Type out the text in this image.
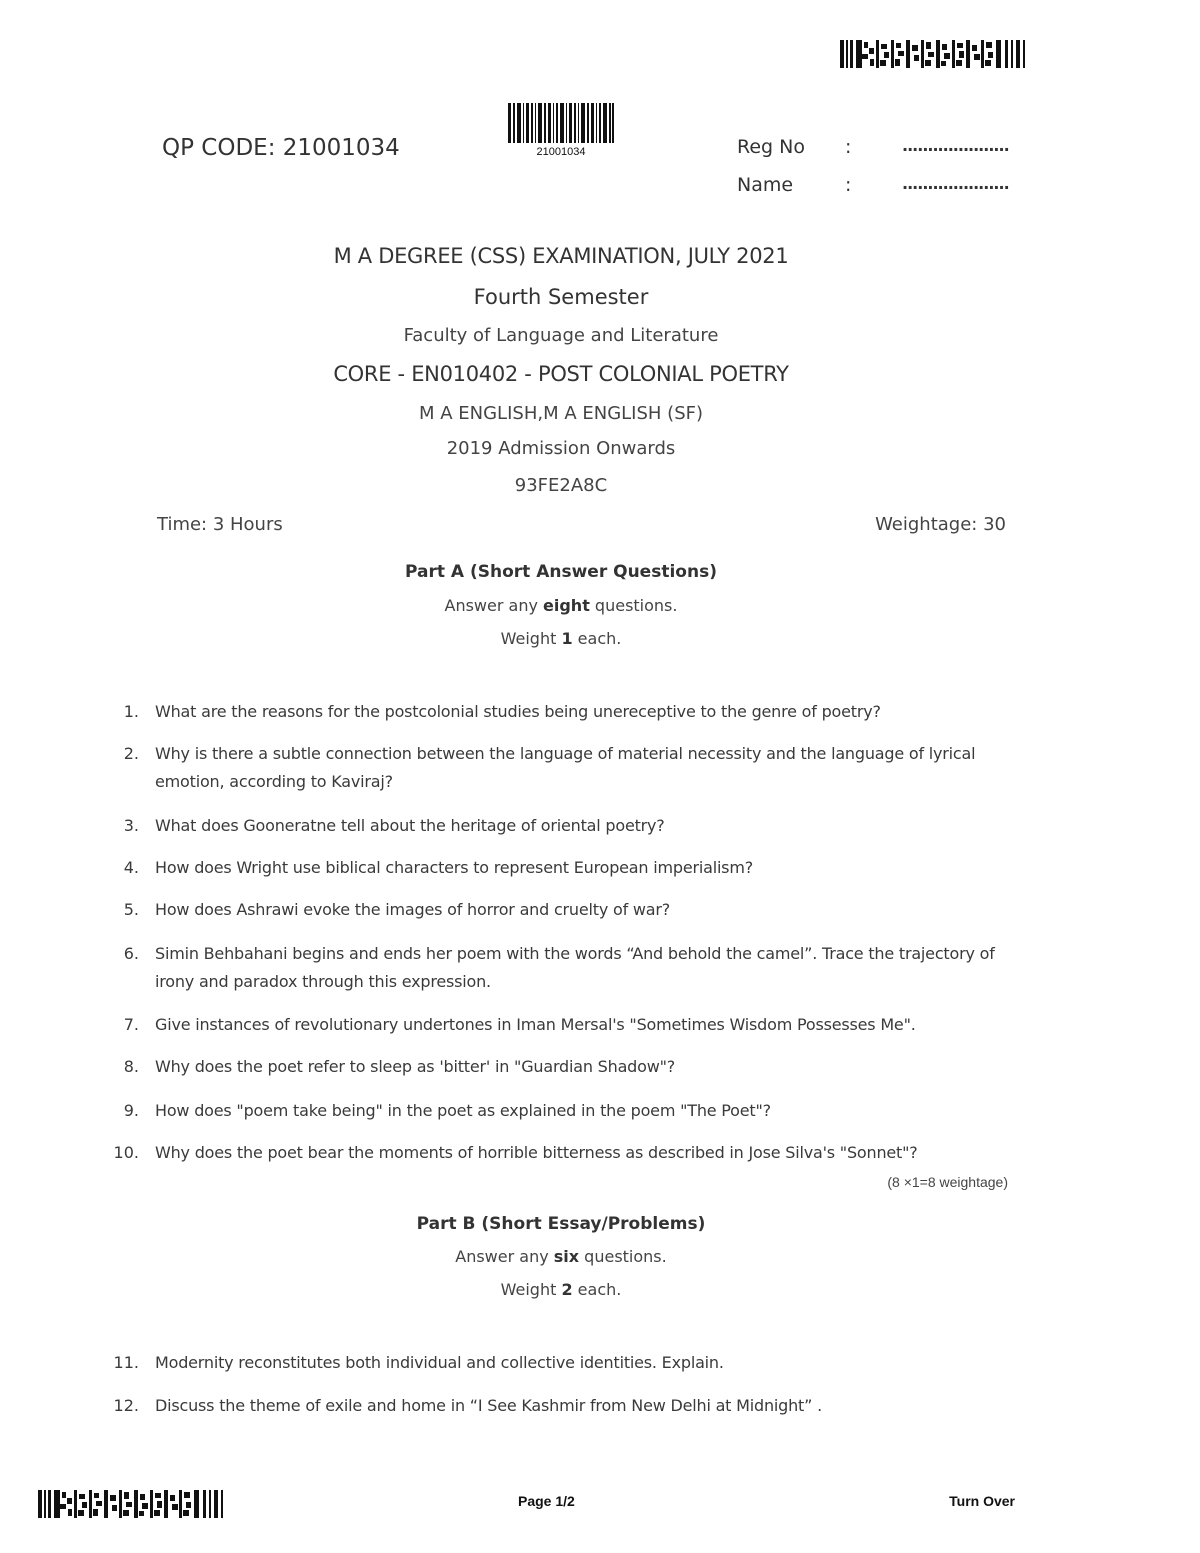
QP CODE: 21001034	21001034	Reg No :	.....................
Name	:	.....................
M A DEGREE (CSS) EXAMINATION, JULY 2021
Fourth Semester
Faculty of Language and Literature
CORE - EN010402 - POST COLONIAL POETRY
M A ENGLISH,M A ENGLISH (SF)
2019 Admission Onwards
93FE2A8C
Time: 3 Hours	Weightage: 30
Part A (Short Answer Questions)
Answer any eight questions.
Weight 1 each.
1. What are the reasons for the postcolonial studies being unereceptive to the genre of poetry?
2. Why is there a subtle connection between the language of material necessity and the language of lyrical emotion, according to Kaviraj?
3. What does Gooneratne tell about the heritage of oriental poetry?
4. How does Wright use biblical characters to represent European imperialism?
5. How does Ashrawi evoke the images of horror and cruelty of war?
6. Simin Behbahani begins and ends her poem with the words “And behold the camel”. Trace the trajectory of irony and paradox through this expression.
7. Give instances of revolutionary undertones in Iman Mersal's "Sometimes Wisdom Possesses Me".
8. Why does the poet refer to sleep as 'bitter' in "Guardian Shadow"?
9. How does "poem take being" in the poet as explained in the poem "The Poet"?
10. Why does the poet bear the moments of horrible bitterness as described in Jose Silva's "Sonnet"?
(8 ×1=8 weightage)
Part B (Short Essay/Problems)
Answer any six questions.
Weight 2 each.
11. Modernity reconstitutes both individual and collective identities. Explain.
12. Discuss the theme of exile and home in “I See Kashmir from New Delhi at Midnight” .
Page 1/2	Turn Over
